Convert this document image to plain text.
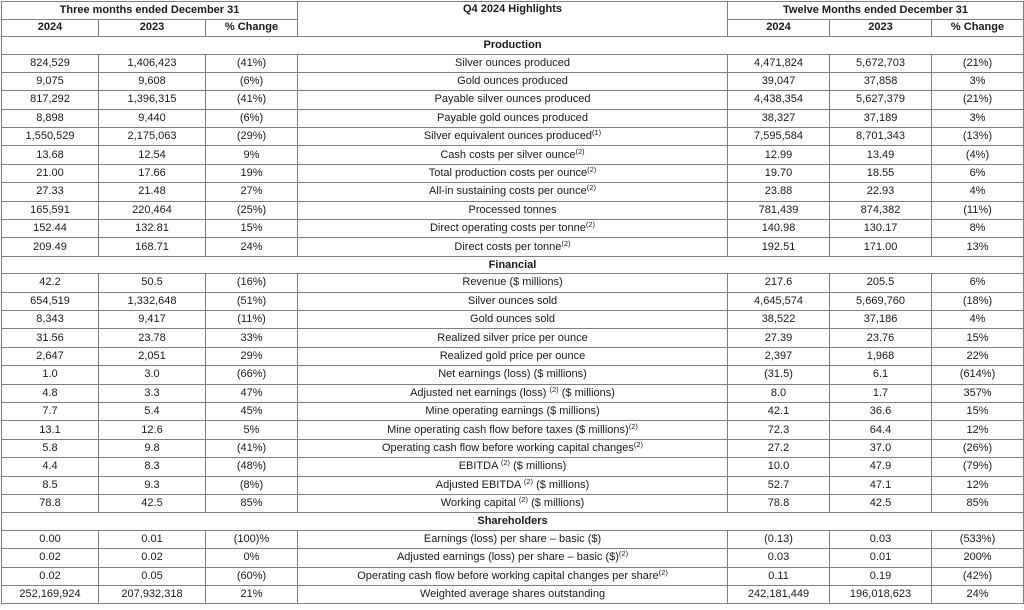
Three months ended December 31			Q4 2024 Highlights	Twelve Months ended December 31		
2024	2023	% Change		2024	2023	% Change
Production						
824,529	1,406,423	(41%)	Silver ounces produced	4,471,824	5,672,703	(21%)
9,075	9,608	(6%)	Gold ounces produced	39,047	37,858	3%
817,292	1,396,315	(41%)	Payable silver ounces produced	4,438,354	5,627,379	(21%)
8,898	9,440	(6%)	Payable gold ounces produced	38,327	37,189	3%
1,550,529	2,175,063	(29%)	Silver equivalent ounces produced$^{(1)}$	7,595,584	8,701,343	(13%)
13.68	12.54	9%	Cash costs per silver ounce$^{(2)}$	12.99	13.49	(4%)
21.00	17.66	19%	Total production costs per ounce$^{(2)}$	19.70	18.55	6%
27.33	21.48	27%	All-in sustaining costs per ounce$^{(2)}$	23.88	22.93	4%
165,591	220,464	(25%)	Processed tonnes	781,439	874,382	(11%)
152.44	132.81	15%	Direct operating costs per tonne$^{(2)}$	140.98	130.17	8%
209.49	168.71	24%	Direct costs per tonne$^{(2)}$	192.51	171.00	13%
Financial						
42.2	50.5	(16%)	Revenue ($ millions)	217.6	205.5	6%
654,519	1,332,648	(51%)	Silver ounces sold	4,645,574	5,669,760	(18%)
8,343	9,417	(11%)	Gold ounces sold	38,522	37,186	4%
31.56	23.78	33%	Realized silver price per ounce	27.39	23.76	15%
2,647	2,051	29%	Realized gold price per ounce	2,397	1,968	22%
1.0	3.0	(66%)	Net earnings (loss) ($ millions)	(31.5)	6.1	(614%)
4.8	3.3	47%	Adjusted net earnings (loss) $^{(2)}$ ($ millions)	8.0	1.7	357%
7.7	5.4	45%	Mine operating earnings ($ millions)	42.1	36.6	15%
13.1	12.6	5%	Mine operating cash flow before taxes ($ millions)$^{(2)}$	72.3	64.4	12%
5.8	9.8	(41%)	Operating cash flow before working capital changes$^{(2)}$	27.2	37.0	(26%)
4.4	8.3	(48%)	EBITDA $^{(2)}$ ($ millions)	10.0	47.9	(79%)
8.5	9.3	(8%)	Adjusted EBITDA $^{(2)}$ ($ millions)	52.7	47.1	12%
78.8	42.5	85%	Working capital $^{(2)}$ ($ millions)	78.8	42.5	85%
Shareholders						
0.00	0.01	(100)%	Earnings (loss) per share – basic ($)	(0.13)	0.03	(533%)
0.02	0.02	0%	Adjusted earnings (loss) per share – basic ($)$^{(2)}$	0.03	0.01	200%
0.02	0.05	(60%)	Operating cash flow before working capital changes per share$^{(2)}$	0.11	0.19	(42%)
252,169,924	207,932,318	21%	Weighted average shares outstanding	242,181,449	196,018,623	24%
